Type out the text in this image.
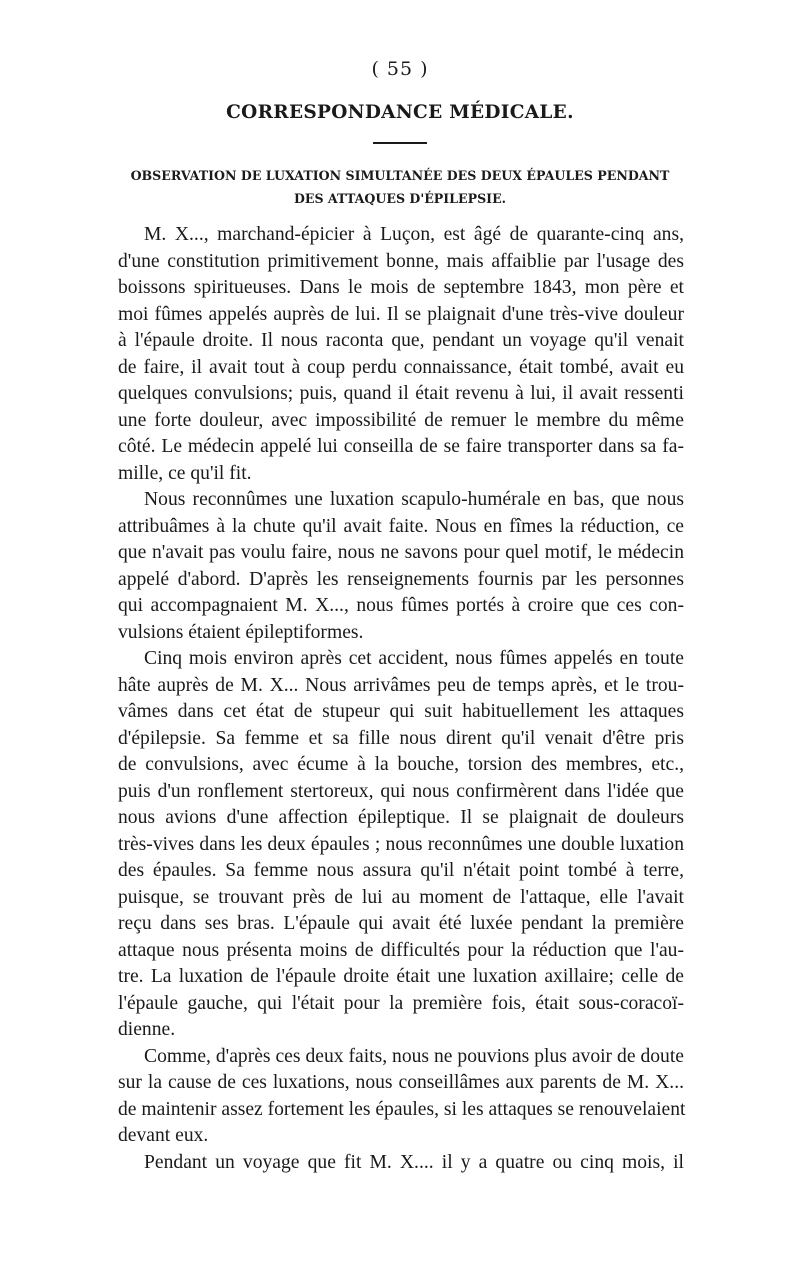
( 55 )
CORRESPONDANCE MÉDICALE.
OBSERVATION DE LUXATION SIMULTANÉE DES DEUX ÉPAULES PENDANT
DES ATTAQUES D'ÉPILEPSIE.
M. X..., marchand-épicier à Luçon, est âgé de quarante-cinq ans,
d'une constitution primitivement bonne, mais affaiblie par l'usage des
boissons spiritueuses. Dans le mois de septembre 1843, mon père et
moi fûmes appelés auprès de lui. Il se plaignait d'une très-vive douleur
à l'épaule droite. Il nous raconta que, pendant un voyage qu'il venait
de faire, il avait tout à coup perdu connaissance, était tombé, avait eu
quelques convulsions; puis, quand il était revenu à lui, il avait ressenti
une forte douleur, avec impossibilité de remuer le membre du même
côté. Le médecin appelé lui conseilla de se faire transporter dans sa fa-
mille, ce qu'il fit.
Nous reconnûmes une luxation scapulo-humérale en bas, que nous
attribuâmes à la chute qu'il avait faite. Nous en fîmes la réduction, ce
que n'avait pas voulu faire, nous ne savons pour quel motif, le médecin
appelé d'abord. D'après les renseignements fournis par les personnes
qui accompagnaient M. X..., nous fûmes portés à croire que ces con-
vulsions étaient épileptiformes.
Cinq mois environ après cet accident, nous fûmes appelés en toute
hâte auprès de M. X... Nous arrivâmes peu de temps après, et le trou-
vâmes dans cet état de stupeur qui suit habituellement les attaques
d'épilepsie. Sa femme et sa fille nous dirent qu'il venait d'être pris
de convulsions, avec écume à la bouche, torsion des membres, etc.,
puis d'un ronflement stertoreux, qui nous confirmèrent dans l'idée que
nous avions d'une affection épileptique. Il se plaignait de douleurs
très-vives dans les deux épaules ; nous reconnûmes une double luxation
des épaules. Sa femme nous assura qu'il n'était point tombé à terre,
puisque, se trouvant près de lui au moment de l'attaque, elle l'avait
reçu dans ses bras. L'épaule qui avait été luxée pendant la première
attaque nous présenta moins de difficultés pour la réduction que l'au-
tre. La luxation de l'épaule droite était une luxation axillaire; celle de
l'épaule gauche, qui l'était pour la première fois, était sous-coracoï-
dienne.
Comme, d'après ces deux faits, nous ne pouvions plus avoir de doute
sur la cause de ces luxations, nous conseillâmes aux parents de M. X...
de maintenir assez fortement les épaules, si les attaques se renouvelaient
devant eux.
Pendant un voyage que fit M. X.... il y a quatre ou cinq mois, il
